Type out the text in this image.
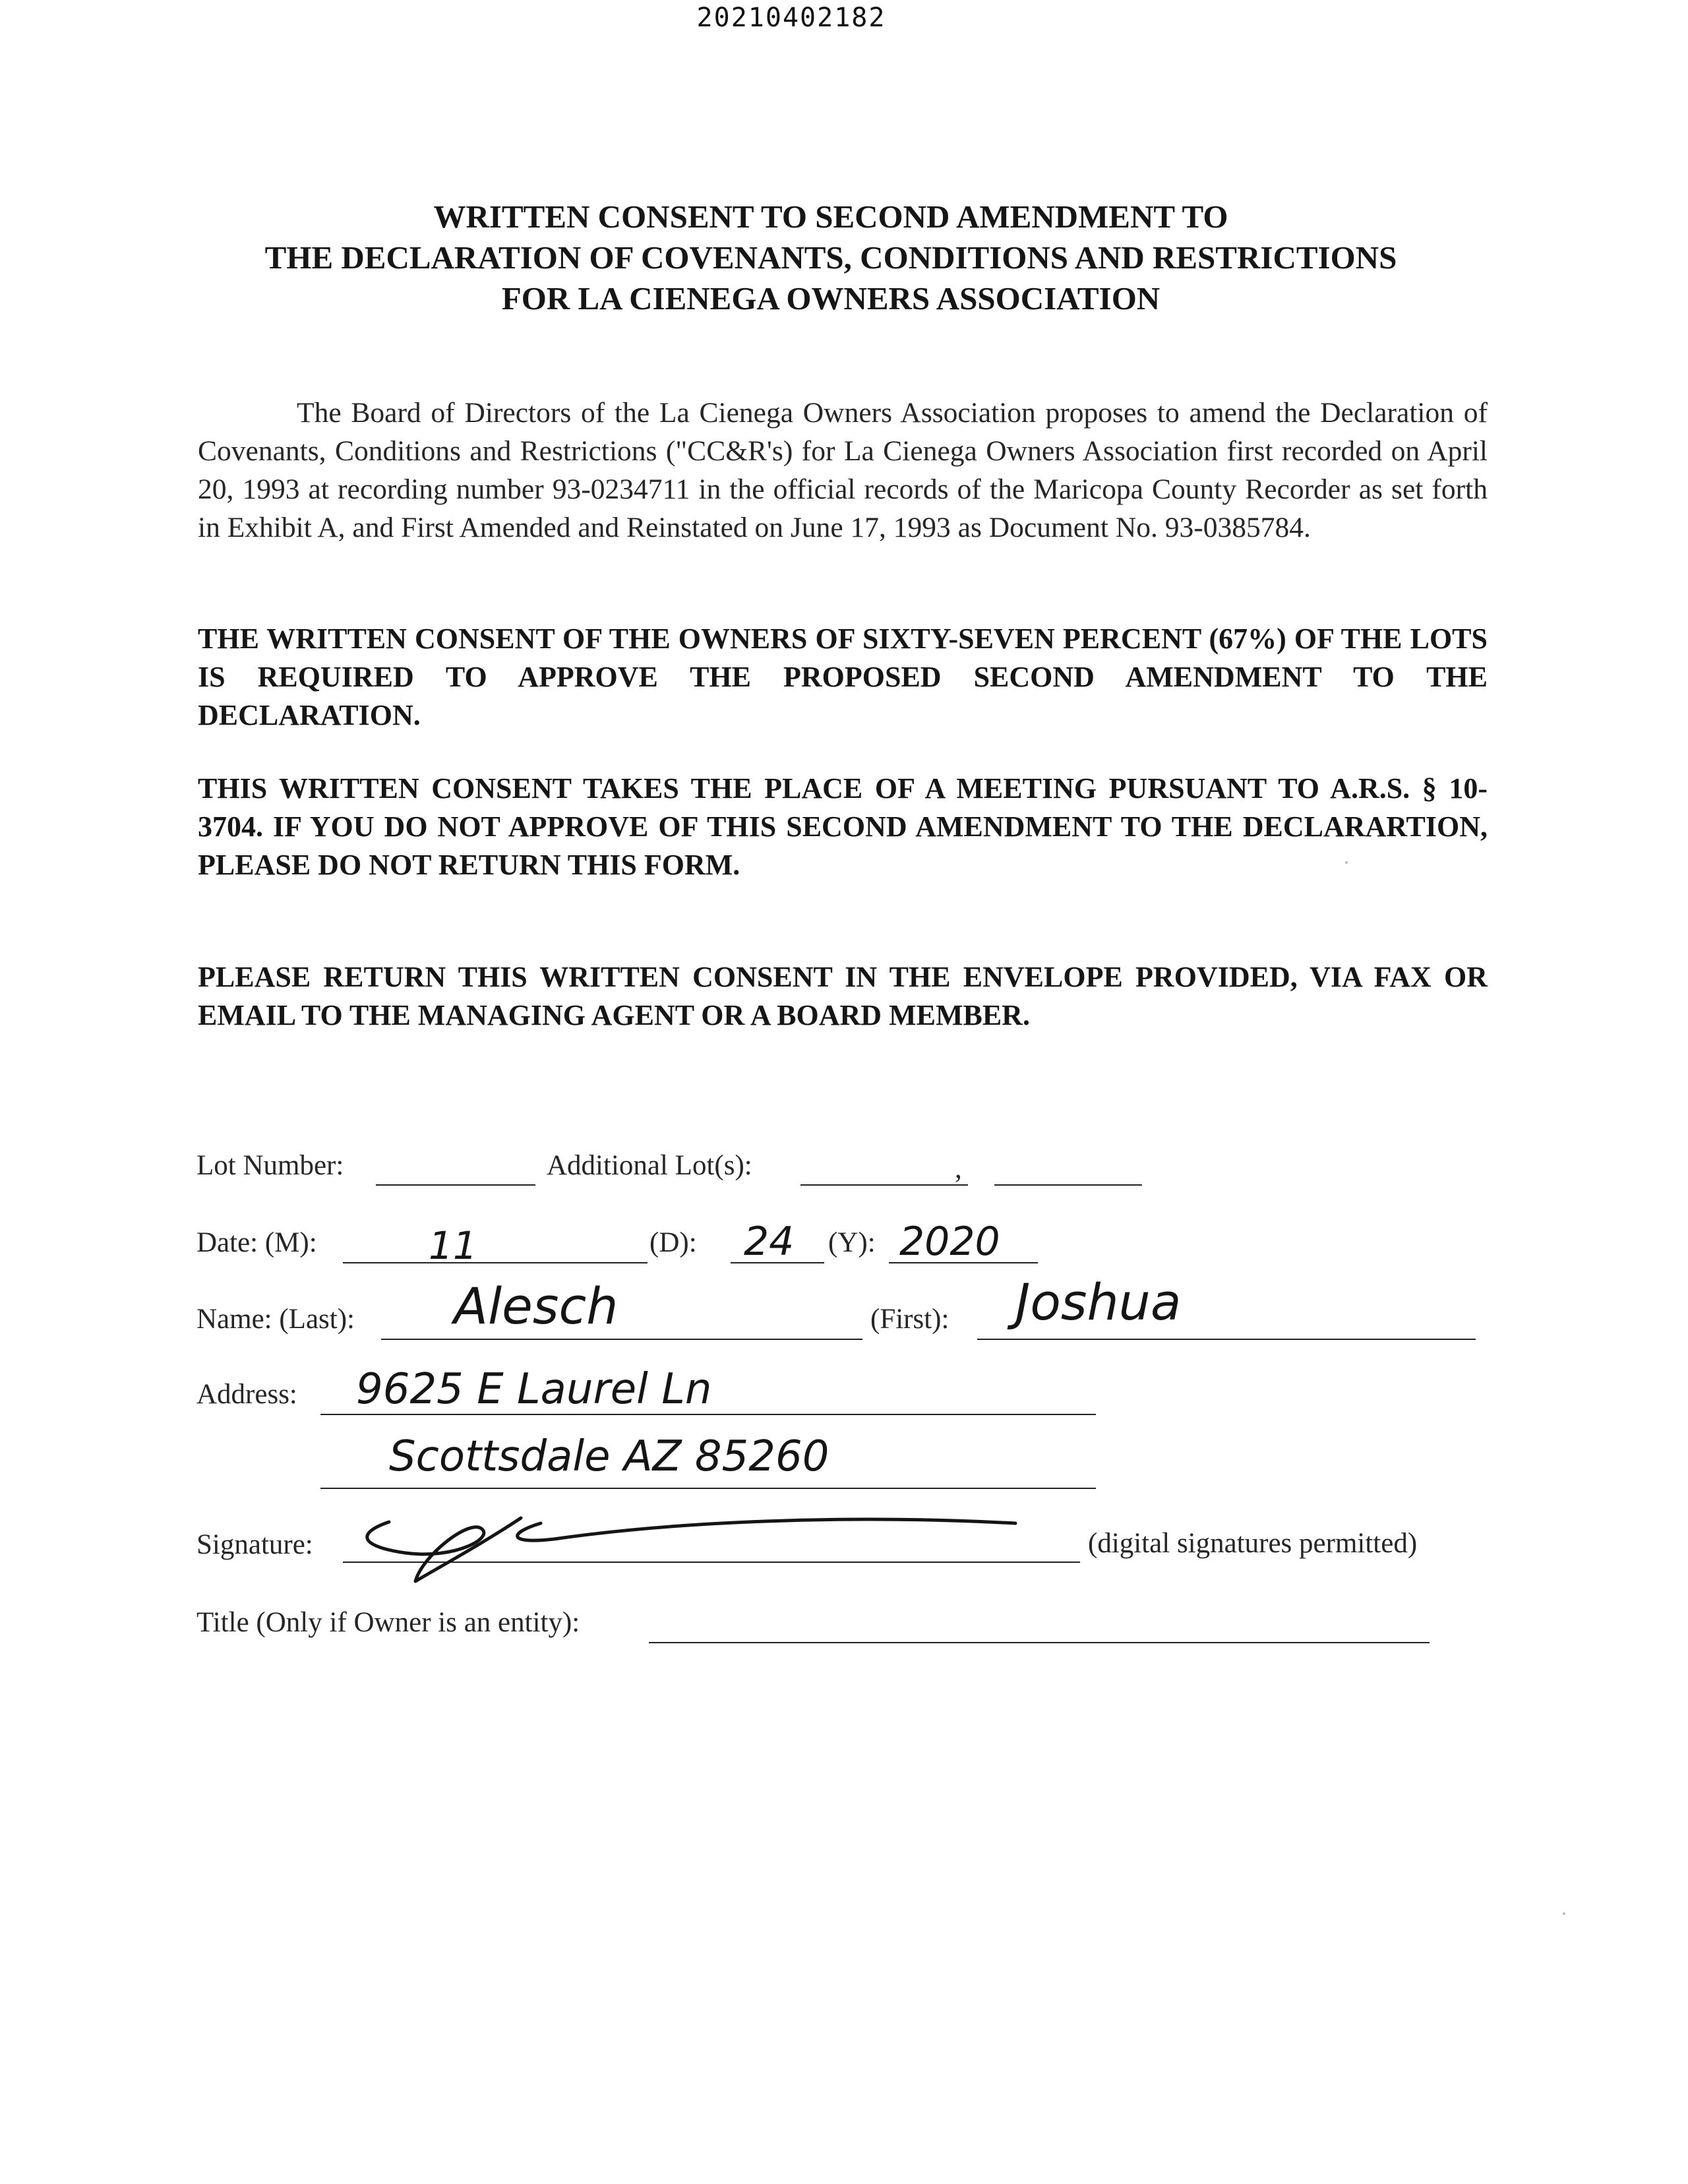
20210402182
WRITTEN CONSENT TO SECOND AMENDMENT TO
THE DECLARATION OF COVENANTS, CONDITIONS AND RESTRICTIONS
FOR LA CIENEGA OWNERS ASSOCIATION
The Board of Directors of the La Cienega Owners Association proposes to amend the Declaration of Covenants, Conditions and Restrictions ("CC&R's) for La Cienega Owners Association first recorded on April 20, 1993 at recording number 93-0234711 in the official records of the Maricopa County Recorder as set forth in Exhibit A, and First Amended and Reinstated on June 17, 1993 as Document No. 93-0385784.
THE WRITTEN CONSENT OF THE OWNERS OF SIXTY-SEVEN PERCENT (67%) OF THE LOTS IS REQUIRED TO APPROVE THE PROPOSED SECOND AMENDMENT TO THE DECLARATION.
THIS WRITTEN CONSENT TAKES THE PLACE OF A MEETING PURSUANT TO A.R.S. § 10-3704. IF YOU DO NOT APPROVE OF THIS SECOND AMENDMENT TO THE DECLARARTION, PLEASE DO NOT RETURN THIS FORM.
PLEASE RETURN THIS WRITTEN CONSENT IN THE ENVELOPE PROVIDED, VIA FAX OR EMAIL TO THE MANAGING AGENT OR A BOARD MEMBER.
Lot Number:	Additional Lot(s):	,
Date: (M):	11	(D): 24 (Y): 2020
Name: (Last): Alesch	(First): Joshua
Address: 9625 E Laurel Ln
Scottsdale AZ 85260
Signature:	(digital signatures permitted)
Title (Only if Owner is an entity):
